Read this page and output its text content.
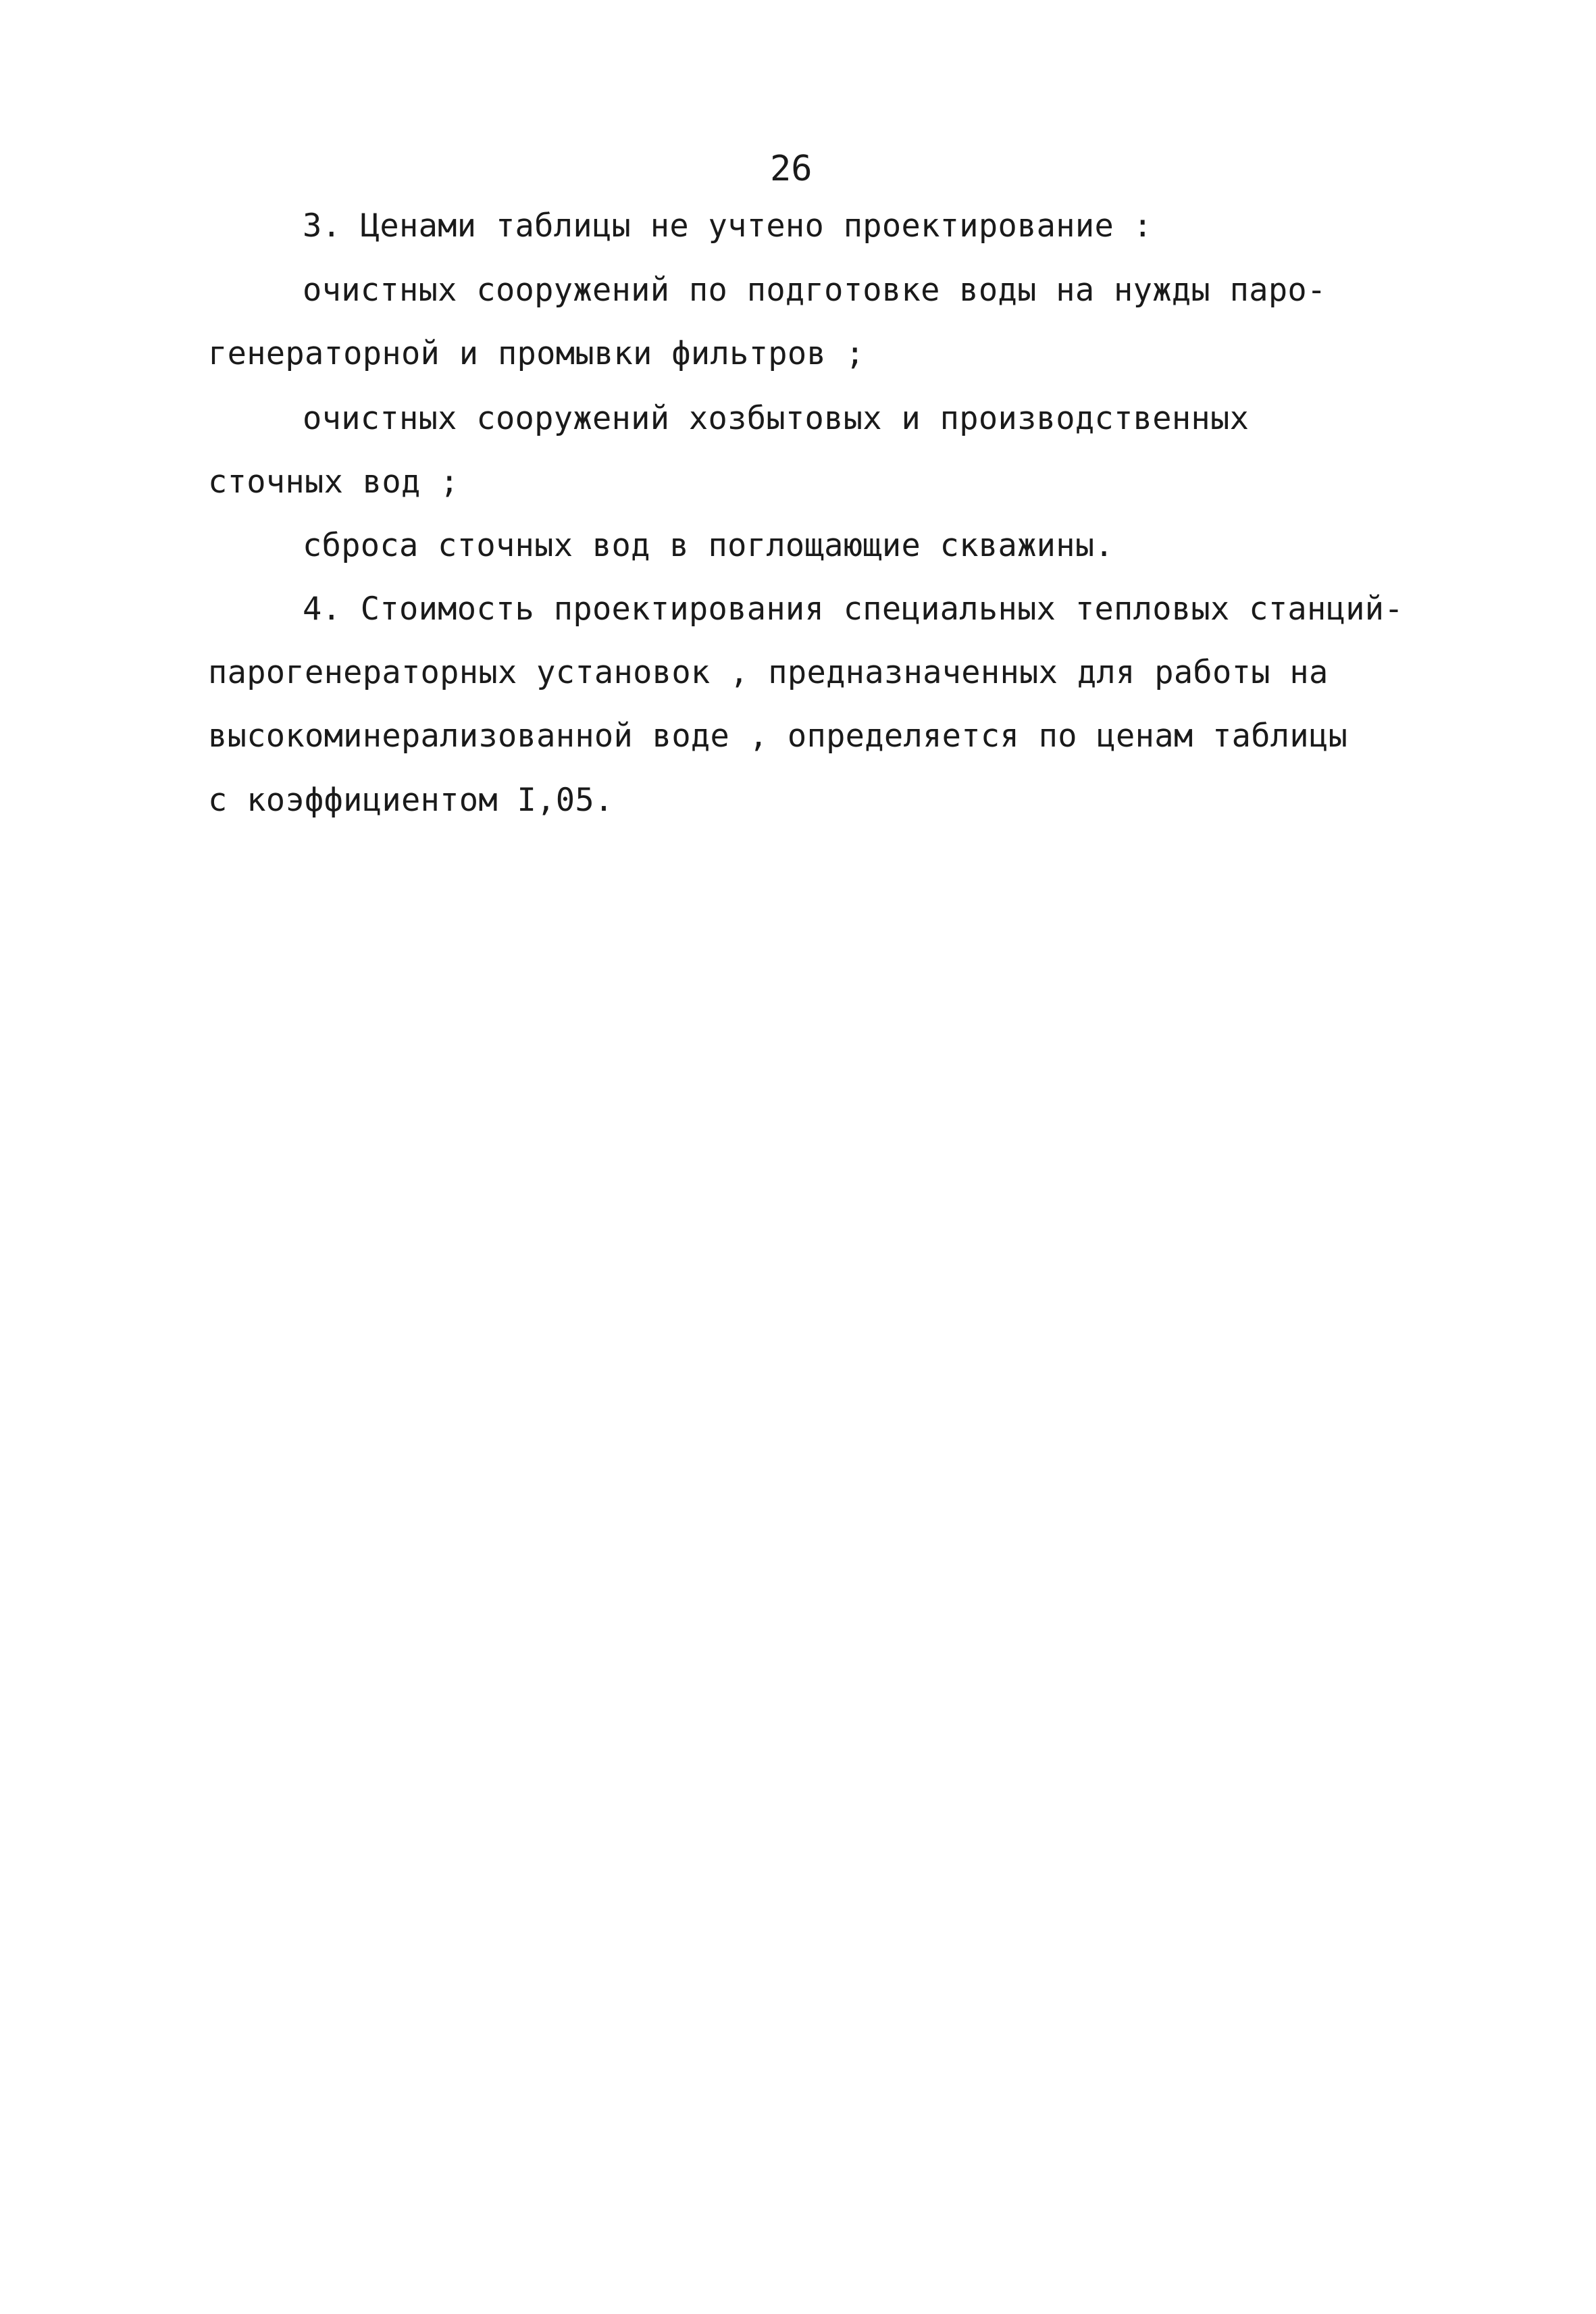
26

3. Ценами таблицы не учтено проектирование :

очистных сооружений по подготовке воды на нужды паро-

генераторной и промывки фильтров ;

очистных сооружений хозбытовых и производственных

сточных вод ;

сброса сточных вод в поглощающие скважины.

4. Стоимость проектирования специальных тепловых станций-

парогенераторных установок , предназначенных для работы на

высокоминерализованной воде , определяется по ценам таблицы

с коэффициентом I,05.
